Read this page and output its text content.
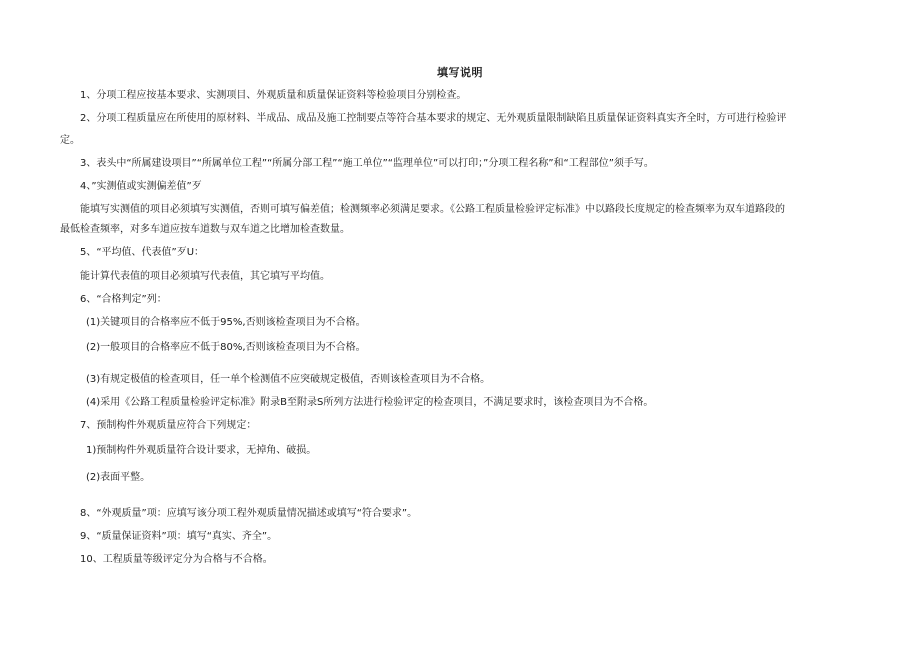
填写说明
1、分项工程应按基本要求、实测项目、外观质量和质量保证资料等检验项目分别检查。
2、分项工程质量应在所使用的原材料、半成品、成品及施工控制要点等符合基本要求的规定、无外观质量限制缺陷且质量保证资料真实齐全时，方可进行检验评
定。
3、表头中“所属建设项目”“所属单位工程”“所属分部工程”“施工单位”“监理单位”可以打印；”分项工程名称”和“工程部位”须手写。
4、”实测值或实测偏差值”歹
能填写实测值的项目必须填写实测值，否则可填写偏差值；检测频率必须满足要求。《公路工程质量检验评定标准》中以路段长度规定的检查频率为双车道路段的
最低检查频率，对多车道应按车道数与双车道之比增加检查数量。
5、“平均值、代表值”歹U：
能计算代表值的项目必须填写代表值，其它填写平均值。
6、“合格判定”列：
(1)关键项目的合格率应不低于95%,否则该检查项目为不合格。
(2)一般项目的合格率应不低于80%,否则该检查项目为不合格。
(3)有规定极值的检查项目，任一单个检测值不应突破规定极值，否则该检查项目为不合格。
(4)采用《公路工程质量检验评定标准》附录B至附录S所列方法进行检验评定的检查项目，不满足要求时，该检查项目为不合格。
7、预制构件外观质量应符合下列规定：
1)预制构件外观质量符合设计要求，无掉角、破损。
(2)表面平整。
8、“外观质量”项：应填写该分项工程外观质量情况描述或填写“符合要求”。
9、“质量保证资料”项：填写“真实、齐全”。
10、工程质量等级评定分为合格与不合格。
